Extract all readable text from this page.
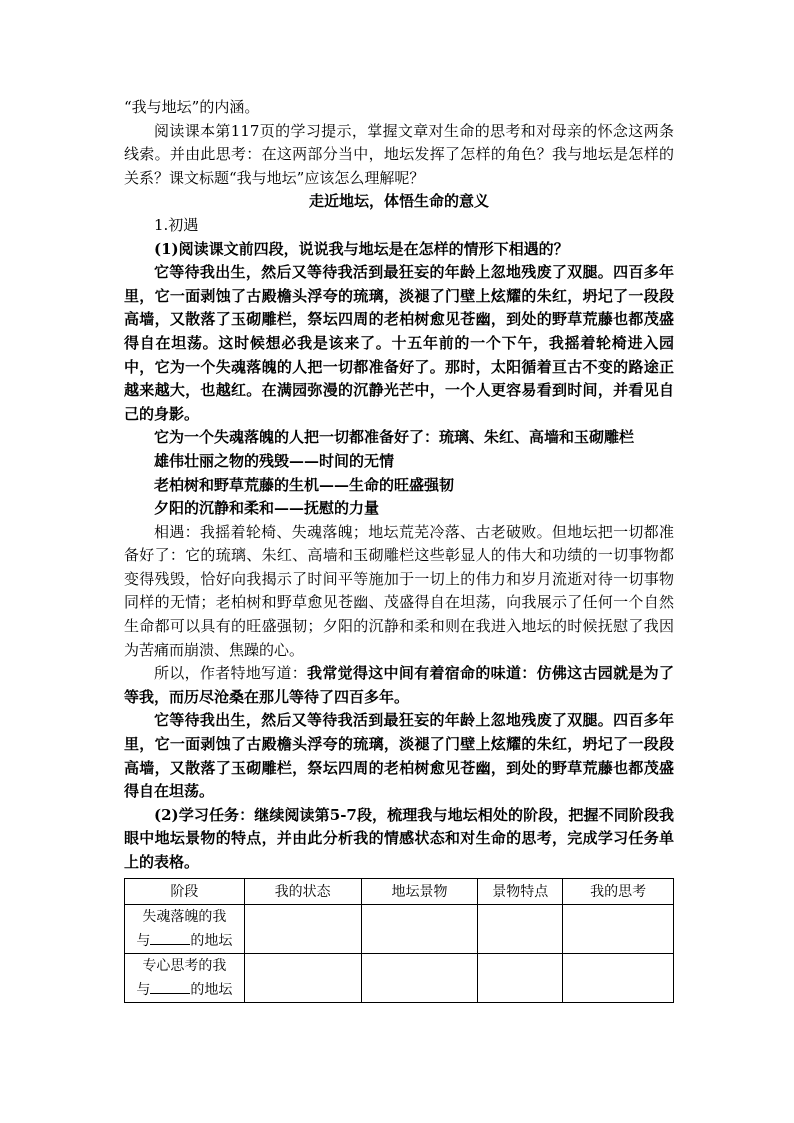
“我与地坛”的内涵。

阅读课本第117页的学习提示，掌握文章对生命的思考和对母亲的怀念这两条线索。并由此思考：在这两部分当中，地坛发挥了怎样的角色？我与地坛是怎样的关系？课文标题“我与地坛”应该怎么理解呢？

走近地坛，体悟生命的意义

1.初遇

(1)阅读课文前四段，说说我与地坛是在怎样的情形下相遇的？

它等待我出生，然后又等待我活到最狂妄的年龄上忽地残废了双腿。四百多年里，它一面剥蚀了古殿檐头浮夸的琉璃，淡褪了门壁上炫耀的朱红，坍圮了一段段高墙，又散落了玉砌雕栏，祭坛四周的老柏树愈见苍幽，到处的野草荒藤也都茂盛得自在坦荡。这时候想必我是该来了。十五年前的一个下午，我摇着轮椅进入园中，它为一个失魂落魄的人把一切都准备好了。那时，太阳循着亘古不变的路途正越来越大，也越红。在满园弥漫的沉静光芒中，一个人更容易看到时间，并看见自己的身影。

它为一个失魂落魄的人把一切都准备好了：琉璃、朱红、高墙和玉砌雕栏

雄伟壮丽之物的残毁——时间的无情

老柏树和野草荒藤的生机——生命的旺盛强韧

夕阳的沉静和柔和——抚慰的力量

相遇：我摇着轮椅、失魂落魄；地坛荒芜冷落、古老破败。但地坛把一切都准备好了：它的琉璃、朱红、高墙和玉砌雕栏这些彰显人的伟大和功绩的一切事物都变得残毁，恰好向我揭示了时间平等施加于一切上的伟力和岁月流逝对待一切事物同样的无情；老柏树和野草愈见苍幽、茂盛得自在坦荡，向我展示了任何一个自然生命都可以具有的旺盛强韧；夕阳的沉静和柔和则在我进入地坛的时候抚慰了我因为苦痛而崩溃、焦躁的心。

所以，作者特地写道：我常觉得这中间有着宿命的味道：仿佛这古园就是为了等我，而历尽沧桑在那儿等待了四百多年。

它等待我出生，然后又等待我活到最狂妄的年龄上忽地残废了双腿。四百多年里，它一面剥蚀了古殿檐头浮夸的琉璃，淡褪了门壁上炫耀的朱红，坍圮了一段段高墙，又散落了玉砌雕栏，祭坛四周的老柏树愈见苍幽，到处的野草荒藤也都茂盛得自在坦荡。

(2)学习任务：继续阅读第5-7段，梳理我与地坛相处的阶段，把握不同阶段我眼中地坛景物的特点，并由此分析我的情感状态和对生命的思考，完成学习任务单上的表格。

阶段	我的状态	地坛景物	景物特点	我的思考

失魂落魄的我
与 的地坛				

专心思考的我
与 的地坛				
